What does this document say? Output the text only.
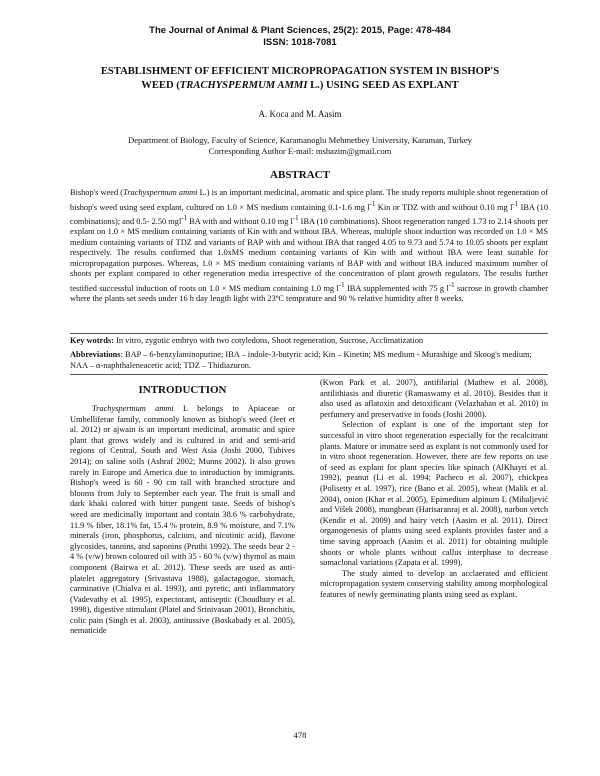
The Journal of Animal & Plant Sciences, 25(2): 2015, Page: 478-484
ISSN: 1018-7081
ESTABLISHMENT OF EFFICIENT MICROPROPAGATION SYSTEM IN BISHOP'S
WEED (TRACHYSPERMUM AMMI L.) USING SEED AS EXPLANT
A. Koca and M. Aasim
Department of Biology, Faculty of Science, Karamanoglu Mehmetbey University, Karaman, Turkey
Corresponding Author E-mail: mshazim@gmail.com
ABSTRACT
Bishop's weed (Trachyspermum ammi L.) is an important medicinal, aromatic and spice plant. The study reports multiple shoot regeneration of bishop's weed using seed explant, cultured on 1.0 × MS medium containing 0.1-1.6 mg $l^{-1}$ Kin or TDZ with and without 0.10 mg $l^{-1}$ IBA (10 combinations); and 0.5- 2.50 mgl$^{-1}$ BA with and without 0.10 mg $l^{-1}$ IBA (10 combinations). Shoot regeneration ranged 1.73 to 2.14 shoots per explant on 1.0 × MS medium containing variants of Kin with and without IBA. Whereas, multiple shoot induction was recorded on 1.0 × MS medium containing variants of TDZ and variants of BAP with and without IBA that ranged 4.05 to 9.73 and 5.74 to 10.05 shoots per explant respectively. The results confirmed that 1.0xMS medium containing variants of Kin with and without IBA were least suitable for micropropagation purposes. Whereas, 1.0 × MS medium containing variants of BAP with and without IBA induced maximum number of shoots per explant compared to other regeneration media irrespective of the concentration of plant growth regulators. The results further testified successful induction of roots on 1.0 × MS medium containing 1.0 mg $l^{-1}$ IBA supplemented with 75 g $l^{-1}$ sucrose in growth chamber where the plants set seeds under 16 h day length light with 23ºC temprature and 90 % relative humidity after 8 weeks.
Key wotrds: In vitro, zygotic embryo with two cotyledons, Shoot regeneration, Sucrose, Acclimatization
Abbreviations: BAP – 6-benzylaminopurine; IBA – indole-3-butyric acid; Kin – Kinetin; MS medium - Murashige and Skoog's medium; NAA – α-naphthaleneacetic acid; TDZ – Thidiazuron.
INTRODUCTION

Trachyspermum ammi L belongs to Apiaceae or Umbelliferae family, commonly known as bishop's weed (Jeet et al. 2012) or ajwain is an important medicinal, aromatic and spice plant that grows widely and is cultured in arid and semi-arid regions of Central, South and West Asia (Joshi 2000, Tubives 2014); on saline soils (Ashraf 2002; Munns 2002). It also grows rarely in Europe and America due to introduction by immigrants. Bishop's weed is 60 - 90 cm tall with branched structure and blooms from July to September each year. The fruit is small and dark khaki colored with bitter pungent taste. Seeds of bishop's weed are medicinally important and contain 38.6 % carbohydrate, 11.9 % fiber, 18.1% fat, 15.4 % protein, 8.9 % moisture, and 7.1% minerals (iron, phosphorus, calcium, and nicotinic acid), flavone glycosides, tannins, and saponins (Pruthi 1992). The seeds bear 2 - 4 % (v/w) brown coloured oil with 35 - 60 % (v/w) thymol as main component (Bairwa et al. 2012). These seeds are used as anti-platelet aggregatory (Srivastava 1988), galactagogue, stomach, carminative (Chialva et al. 1993), anti pyretic, anti inflammatory (Vadevathy et al. 1995), expectorant, antiseptic (Choudhury et al. 1998), digestive stimulant (Platel and Srinivasan 2001), Bronchitis, colic pain (Singh et al. 2003), antitussive (Boskabady et al. 2005), nematicide

(Kwon Park et al. 2007), antifilarial (Mathew et al. 2008), antilithiasis and diuretic (Ramaswamy et al. 2010). Besides that it also used as aflatoxin and detoxificant (Velazhahan et al. 2010) in perfumery and preservative in foods (Joshi 2000).

Selection of explant is one of the important step for successful in vitro shoot regeneration especially for the recalcitrant plants. Mature or immatre seed as explant is not commonly used for in vitro shoot regeneration. However, there are few reports on use of seed as explant for plant species like spinach (AlKhayri et al. 1992), peanut (Li et al. 1994; Pacheco et al. 2007), chickpea (Polisetty et al. 1997), rice (Bano et al. 2005), wheat (Malik et al. 2004), onion (Khar et al. 2005), Epimedium alpinum L (Mihaljević and Višek 2008), mungbean (Harisaranraj et al. 2008), narbon vetch (Kendir et al. 2009) and hairy vetch (Aasim et al. 2011). Direct organogenesis of plants using seed explants provides faster and a time saving approach (Aasim et al. 2011) for obtaining multiple shoots or whole plants without callus interphase to decrease somaclonal variations (Zapata et al. 1999).

The study aimed to develop an acclaerated and efficient micropropagation system conserving stability among morphological features of newly germinating plants using seed as explant.

478
